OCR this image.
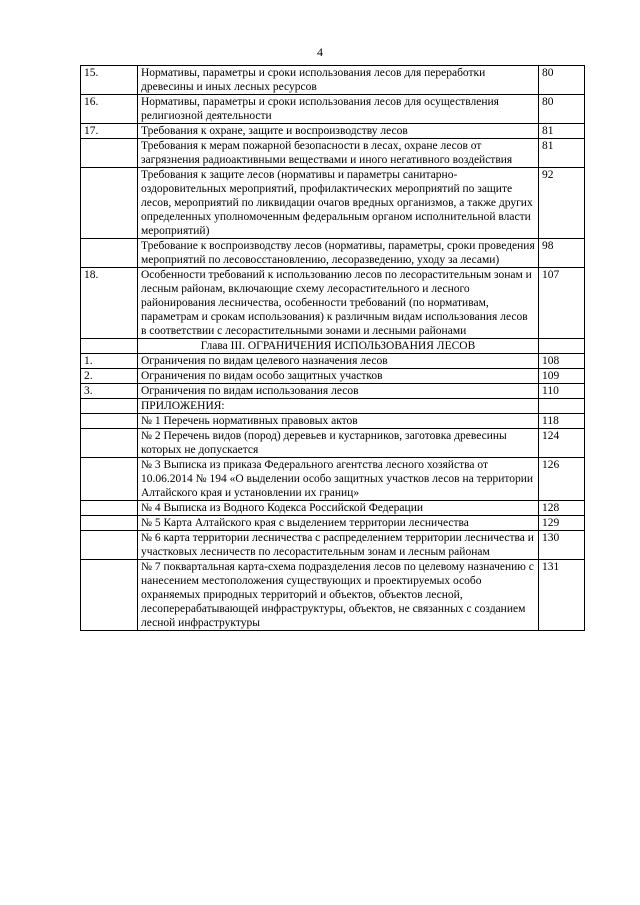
4
15.	Нормативы, параметры и сроки использования лесов для переработки древесины и иных лесных ресурсов	80
16.	Нормативы, параметры и сроки использования лесов для осуществления религиозной деятельности	80
17.	Требования к охране, защите и воспроизводству лесов	81
	Требования к мерам пожарной безопасности в лесах, охране лесов от загрязнения радиоактивными веществами и иного негативного воздействия	81
	Требования к защите лесов (нормативы и параметры санитарно-оздоровительных мероприятий, профилактических мероприятий по защите лесов, мероприятий по ликвидации очагов вредных организмов, а также других определенных уполномоченным федеральным органом исполнительной власти мероприятий)	92
	Требование к воспроизводству лесов (нормативы, параметры, сроки проведения мероприятий по лесовосстановлению, лесоразведению, уходу за лесами)	98
18.	Особенности требований к использованию лесов по лесорастительным зонам и лесным районам, включающие схему лесорастительного и лесного районирования лесничества, особенности требований (по нормативам, параметрам и срокам использования) к различным видам использования лесов в соответствии с лесорастительными зонами и лесными районами	107
	Глава III. ОГРАНИЧЕНИЯ ИСПОЛЬЗОВАНИЯ ЛЕСОВ	
1.	Ограничения по видам целевого назначения лесов	108
2.	Ограничения по видам особо защитных участков	109
3.	Ограничения по видам использования лесов	110
	ПРИЛОЖЕНИЯ:	
	№ 1 Перечень нормативных правовых актов	118
	№ 2 Перечень видов (пород) деревьев и кустарников, заготовка древесины которых не допускается	124
	№ 3 Выписка из приказа Федерального агентства лесного хозяйства от 10.06.2014 № 194 «О выделении особо защитных участков лесов на территории Алтайского края и установлении их границ»	126
	№ 4 Выписка из Водного Кодекса Российской Федерации	128
	№ 5 Карта Алтайского края с выделением территории лесничества	129
	№ 6 карта территории лесничества с распределением территории лесничества и участковых лесничеств по лесорастительным зонам и лесным районам	130
	№ 7 поквартальная карта-схема подразделения лесов по целевому назначению с нанесением местоположения существующих и проектируемых особо охраняемых природных территорий и объектов, объектов лесной, лесоперерабатывающей инфраструктуры, объектов, не связанных с созданием лесной инфраструктуры	131
